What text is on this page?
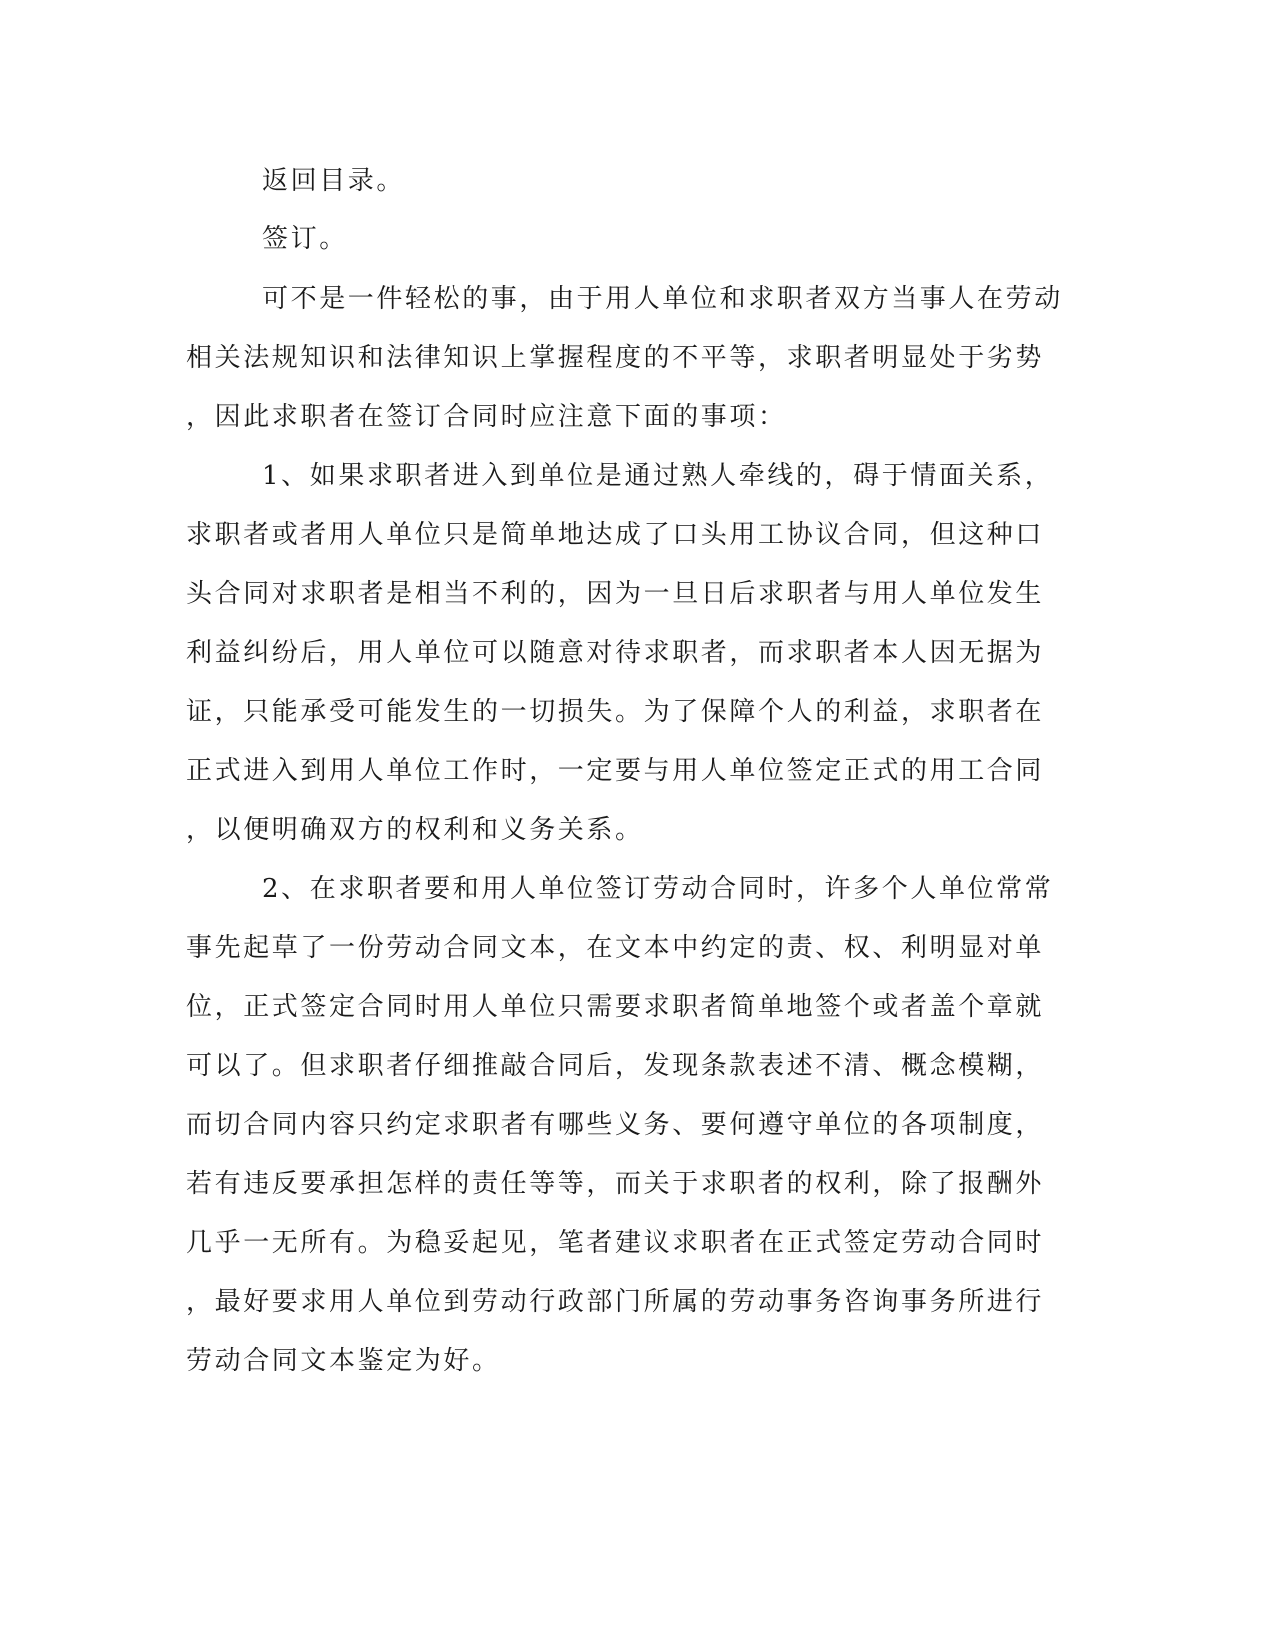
返回目录。
签订。
可不是一件轻松的事，由于用人单位和求职者双方当事人在劳动
相关法规知识和法律知识上掌握程度的不平等，求职者明显处于劣势
，因此求职者在签订合同时应注意下面的事项：
1、如果求职者进入到单位是通过熟人牵线的，碍于情面关系，
求职者或者用人单位只是简单地达成了口头用工协议合同，但这种口
头合同对求职者是相当不利的，因为一旦日后求职者与用人单位发生
利益纠纷后，用人单位可以随意对待求职者，而求职者本人因无据为
证，只能承受可能发生的一切损失。为了保障个人的利益，求职者在
正式进入到用人单位工作时，一定要与用人单位签定正式的用工合同
，以便明确双方的权利和义务关系。
2、在求职者要和用人单位签订劳动合同时，许多个人单位常常
事先起草了一份劳动合同文本，在文本中约定的责、权、利明显对单
位，正式签定合同时用人单位只需要求职者简单地签个或者盖个章就
可以了。但求职者仔细推敲合同后，发现条款表述不清、概念模糊，
而切合同内容只约定求职者有哪些义务、要何遵守单位的各项制度，
若有违反要承担怎样的责任等等，而关于求职者的权利，除了报酬外
几乎一无所有。为稳妥起见，笔者建议求职者在正式签定劳动合同时
，最好要求用人单位到劳动行政部门所属的劳动事务咨询事务所进行
劳动合同文本鉴定为好。
